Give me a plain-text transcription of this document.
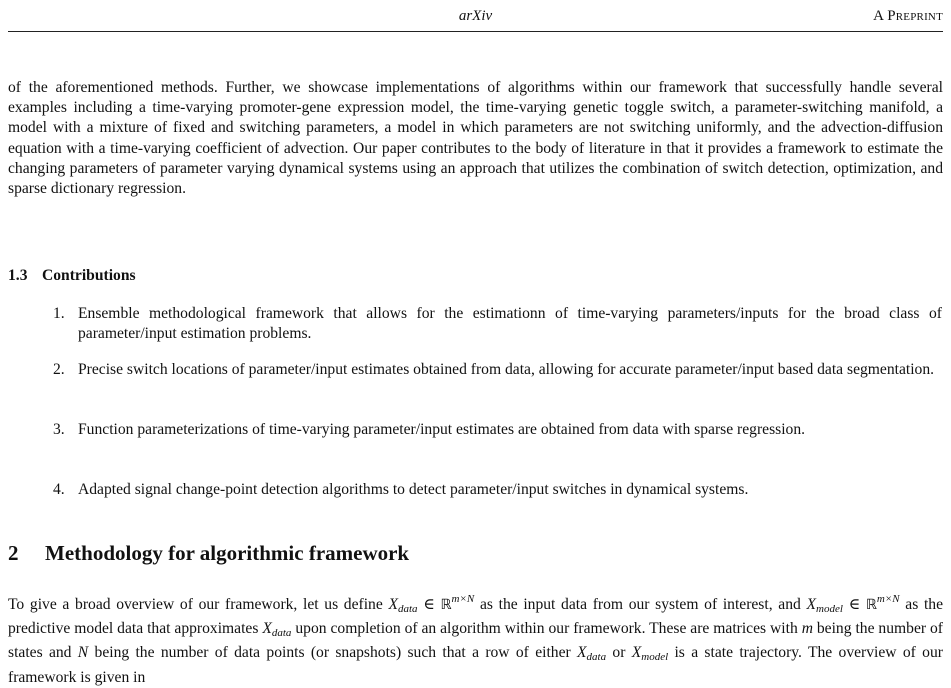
arXiv	A Preprint

of the aforementioned methods. Further, we showcase implementations of algorithms within our framework that successfully handle several examples including a time-varying promoter-gene expression model, the time-varying genetic toggle switch, a parameter-switching manifold, a model with a mixture of fixed and switching parameters, a model in which parameters are not switching uniformly, and the advection-diffusion equation with a time-varying coefficient of advection. Our paper contributes to the body of literature in that it provides a framework to estimate the changing parameters of parameter varying dynamical systems using an approach that utilizes the combination of switch detection, optimization, and sparse dictionary regression.

1.3 Contributions
1. Ensemble methodological framework that allows for the estimationn of time-varying parameters/inputs for the broad class of parameter/input estimation problems.
2. Precise switch locations of parameter/input estimates obtained from data, allowing for accurate parameter/input based data segmentation.
3. Function parameterizations of time-varying parameter/input estimates are obtained from data with sparse regression.
4. Adapted signal change-point detection algorithms to detect parameter/input switches in dynamical systems.
2 Methodology for algorithmic framework

To give a broad overview of our framework, let us define $X_{data}$ ∈ ℝ$^{m\times N}$ as the input data from our system of interest, and $X_{model}$ ∈ ℝ$^{m\times N}$ as the predictive model data that approximates $X_{data}$ upon completion of an algorithm within our framework. These are matrices with m being the number of states and N being the number of data points (or snapshots) such that a row of either $X_{data}$ or $X_{model}$ is a state trajectory. The overview of our framework is given in
